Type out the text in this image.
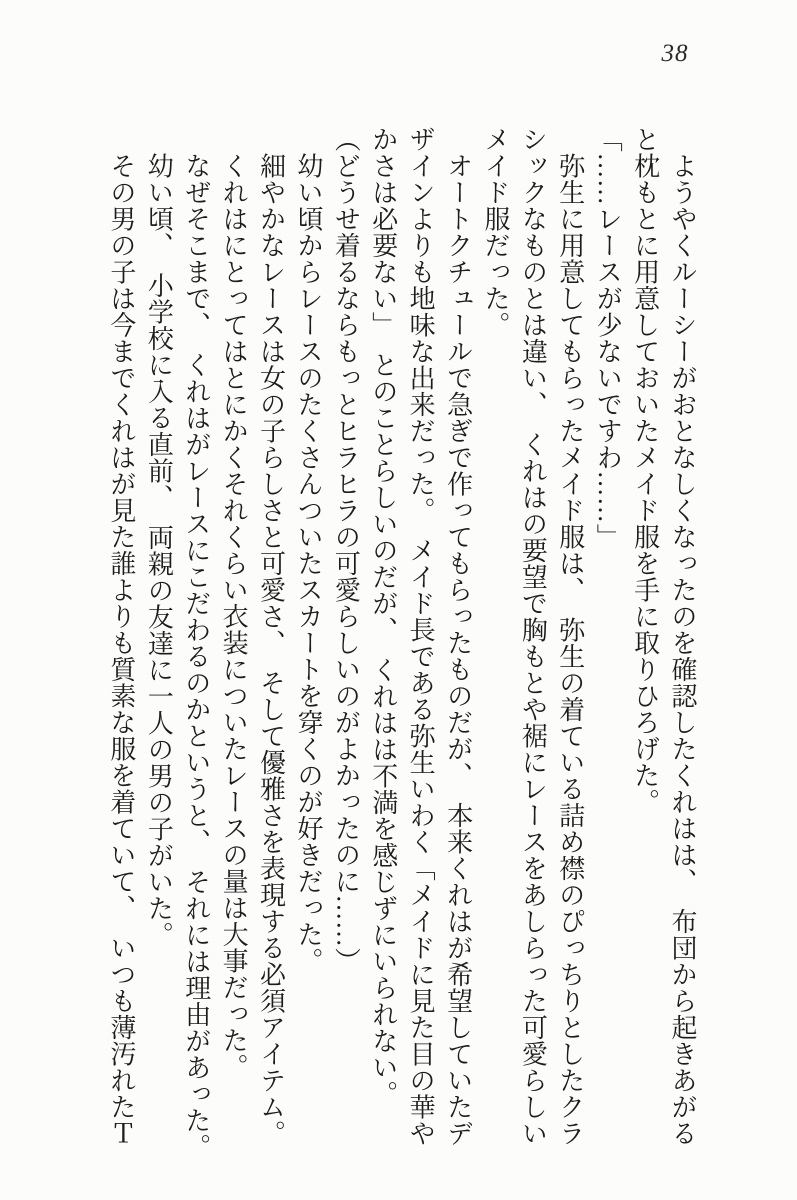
38

　ようやくルーシーがおとなしくなったのを確認したくれはは、　布団から起きあがる

と枕もとに用意しておいたメイド服を手に取りひろげた。

「……レースが少ないですわ……」

　弥生に用意してもらったメイド服は、　弥生の着ている詰め襟のぴっちりとしたクラ

シックなものとは違い、　くれはの要望で胸もとや裾にレースをあしらった可愛らしい

メイド服だった。

　オートクチュールで急ぎで作ってもらったものだが、　本来くれはが希望していたデ

ザインよりも地味な出来だった。　メイド長である弥生いわく「メイドに見た目の華や

かさは必要ない」　とのことらしいのだが、　くれはは不満を感じずにいられない。

（どうせ着るならもっとヒラヒラの可愛らしいのがよかったのに……）

　幼い頃からレースのたくさんついたスカートを穿くのが好きだった。

　細やかなレースは女の子らしさと可愛さ、　そして優雅さを表現する必須アイテム。

　くれはにとってはとにかくそれくらい衣装についたレースの量は大事だった。

　なぜそこまで、　くれはがレースにこだわるのかというと、　それには理由があった。

　幼い頃、　小学校に入る直前、　両親の友達に一人の男の子がいた。

　その男の子は今までくれはが見た誰よりも質素な服を着ていて、　いつも薄汚れたＴ
